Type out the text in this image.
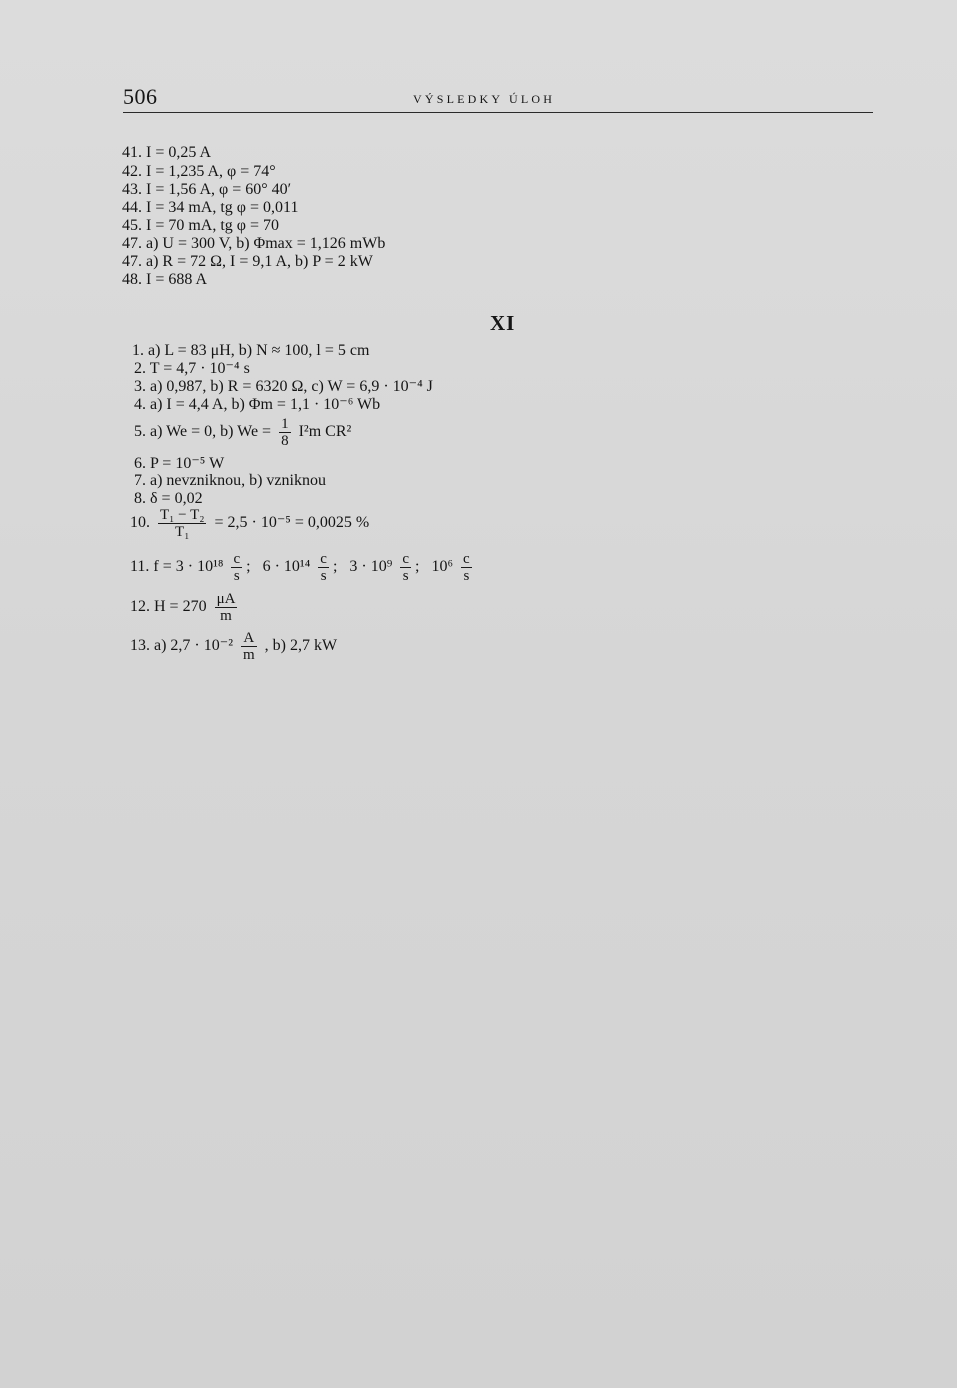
506	VÝSLEDKY ÚLOH
41. I = 0,25 A
42. I = 1,235 A, φ = 74°
43. I = 1,56 A, φ = 60° 40′
44. I = 34 mA, tg φ = 0,011
45. I = 70 mA, tg φ = 70
47. a) U = 300 V, b) Φmax = 1,126 mWb
47. a) R = 72 Ω, I = 9,1 A, b) P = 2 kW
48. I = 688 A
XI
1. a) L = 83 μH, b) N ≈ 100, l = 5 cm
2. T = 4,7 · 10⁻⁴ s
3. a) 0,987, b) R = 6320 Ω, c) W = 6,9 · 10⁻⁴ J
4. a) I = 4,4 A, b) Φm = 1,1 · 10⁻⁶ Wb
5. a) We = 0, b) $We = \frac{1}{8} I^2m$ CR²
6. P = 10⁻⁵ W
7. a) nevzniknou, b) vzniknou
8. δ = 0,02
10. $\frac{\text{T₁ − T₂}}{\text{T₁}} = 2,5 \cdot 10^{-5} = 0,0025$ %
11. $f = 3 \cdot 10^{18} \frac{c}{s}$ ; $6 \cdot 10^{14} \frac{c}{s}$ ; $3 \cdot 10^9 \frac{c}{s}$ ; $10^6 \frac{c}{s}$
12. $H = 270 \frac{\mu A}{m}$
13. a) $2,7 \cdot 10^{-2} \frac{A}{m}$ , b) 2,7 kW
